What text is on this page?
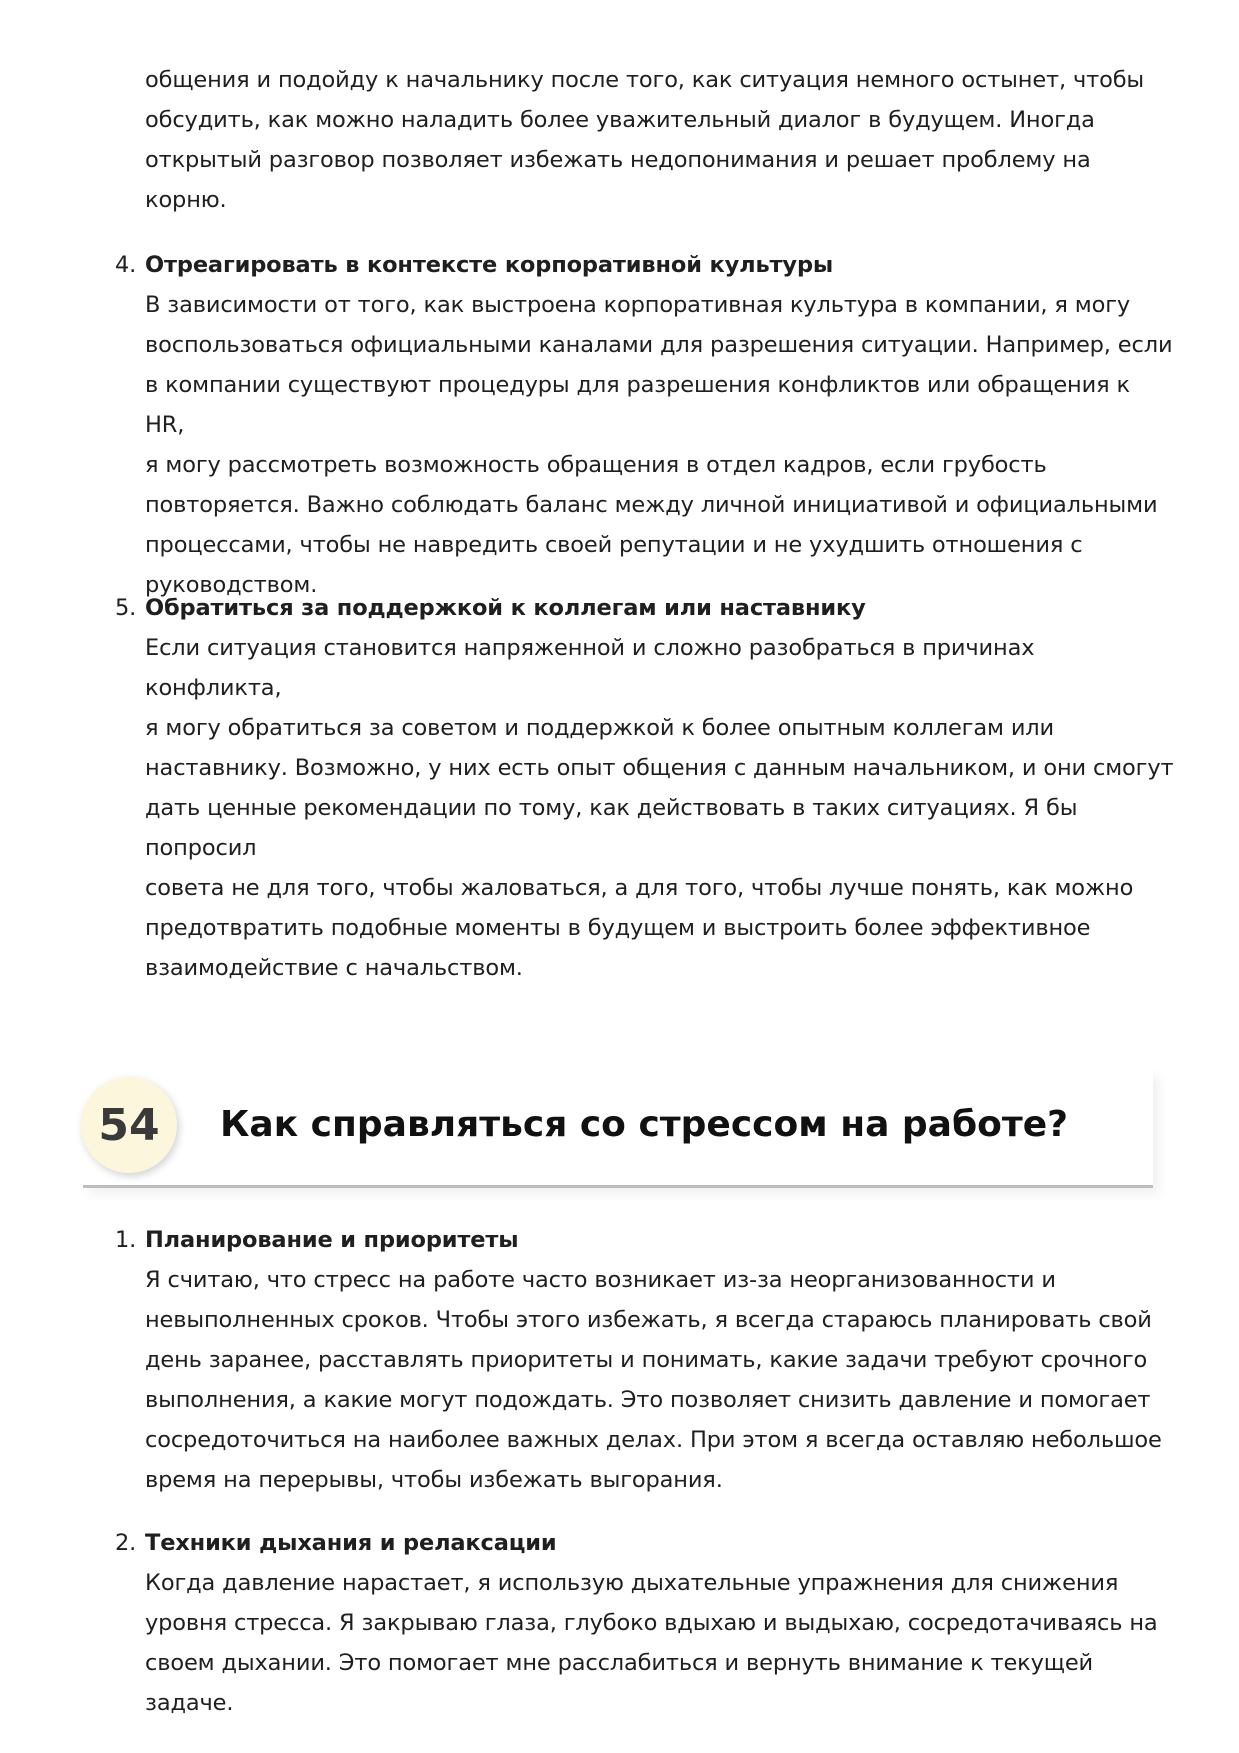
общения и подойду к начальнику после того, как ситуация немного остынет, чтобы
обсудить, как можно наладить более уважительный диалог в будущем. Иногда
открытый разговор позволяет избежать недопонимания и решает проблему на
корню.
4. Отреагировать в контексте корпоративной культуры
В зависимости от того, как выстроена корпоративная культура в компании, я могу
воспользоваться официальными каналами для разрешения ситуации. Например, если
в компании существуют процедуры для разрешения конфликтов или обращения к HR,
я могу рассмотреть возможность обращения в отдел кадров, если грубость
повторяется. Важно соблюдать баланс между личной инициативой и официальными
процессами, чтобы не навредить своей репутации и не ухудшить отношения с
руководством.
5. Обратиться за поддержкой к коллегам или наставнику
Если ситуация становится напряженной и сложно разобраться в причинах конфликта,
я могу обратиться за советом и поддержкой к более опытным коллегам или
наставнику. Возможно, у них есть опыт общения с данным начальником, и они смогут
дать ценные рекомендации по тому, как действовать в таких ситуациях. Я бы попросил
совета не для того, чтобы жаловаться, а для того, чтобы лучше понять, как можно
предотвратить подобные моменты в будущем и выстроить более эффективное
взаимодействие с начальством.
54	Как справляться со стрессом на работе?
1. Планирование и приоритеты
Я считаю, что стресс на работе часто возникает из-за неорганизованности и
невыполненных сроков. Чтобы этого избежать, я всегда стараюсь планировать свой
день заранее, расставлять приоритеты и понимать, какие задачи требуют срочного
выполнения, а какие могут подождать. Это позволяет снизить давление и помогает
сосредоточиться на наиболее важных делах. При этом я всегда оставляю небольшое
время на перерывы, чтобы избежать выгорания.
2. Техники дыхания и релаксации
Когда давление нарастает, я использую дыхательные упражнения для снижения
уровня стресса. Я закрываю глаза, глубоко вдыхаю и выдыхаю, сосредотачиваясь на
своем дыхании. Это помогает мне расслабиться и вернуть внимание к текущей задаче.
